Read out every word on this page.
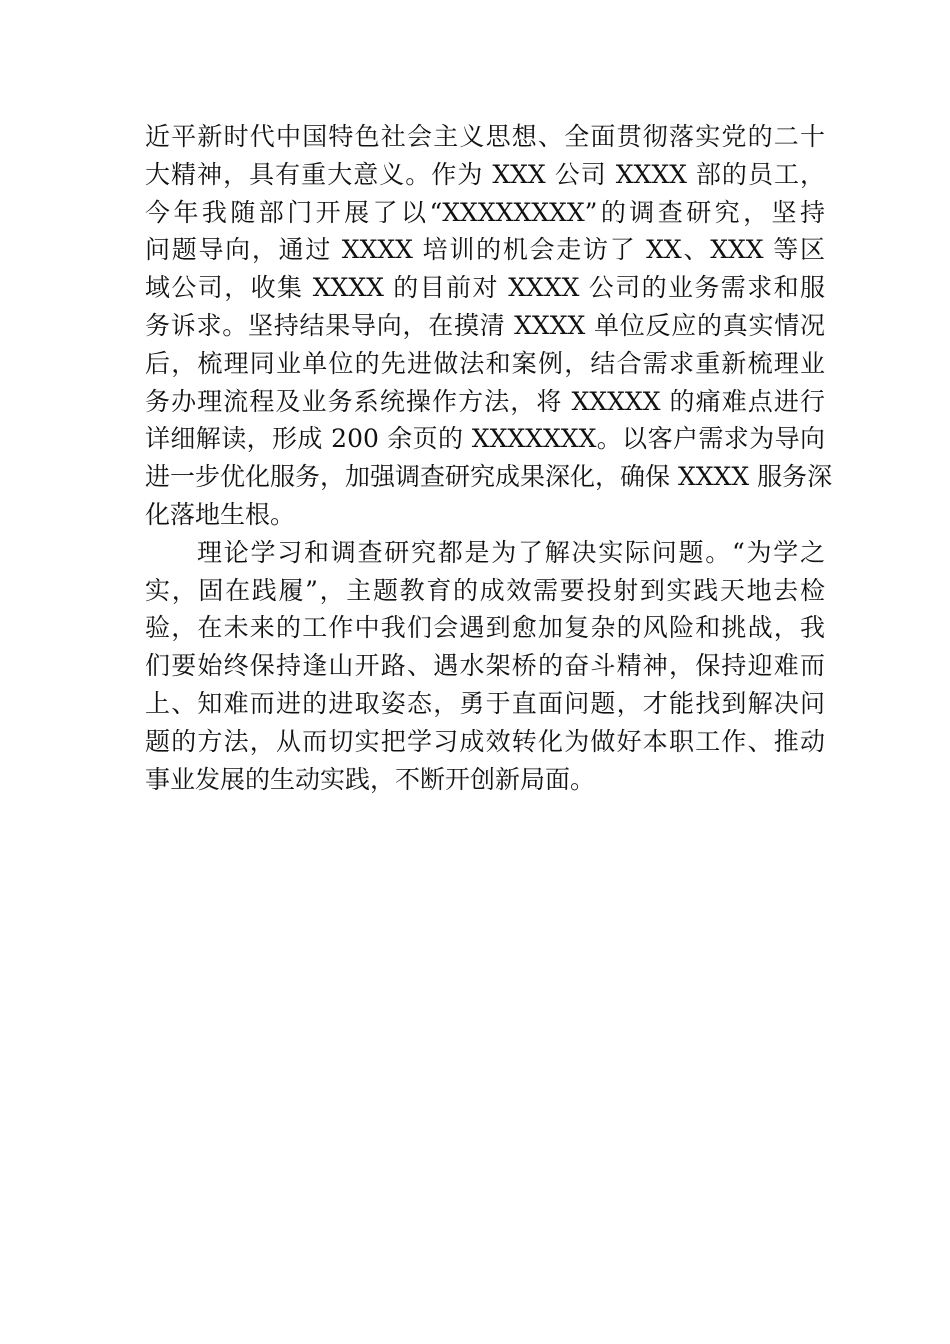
近平新时代中国特色社会主义思想、全面贯彻落实党的二十
大精神，具有重大意义。作为 XXX 公司 XXXX 部的员工，
今年我随部门开展了以“XXXXXXXX”的调查研究，坚持
问题导向，通过 XXXX 培训的机会走访了 XX、XXX 等区
域公司，收集 XXXX 的目前对 XXXX 公司的业务需求和服
务诉求。坚持结果导向，在摸清 XXXX 单位反应的真实情况
后，梳理同业单位的先进做法和案例，结合需求重新梳理业
务办理流程及业务系统操作方法，将 XXXXX 的痛难点进行
详细解读，形成 200 余页的 XXXXXXX。以客户需求为导向
进一步优化服务，加强调查研究成果深化，确保 XXXX 服务深
化落地生根。
理论学习和调查研究都是为了解决实际问题。“为学之
实，固在践履”，主题教育的成效需要投射到实践天地去检
验，在未来的工作中我们会遇到愈加复杂的风险和挑战，我
们要始终保持逢山开路、遇水架桥的奋斗精神，保持迎难而
上、知难而进的进取姿态，勇于直面问题，才能找到解决问
题的方法，从而切实把学习成效转化为做好本职工作、推动
事业发展的生动实践，不断开创新局面。
